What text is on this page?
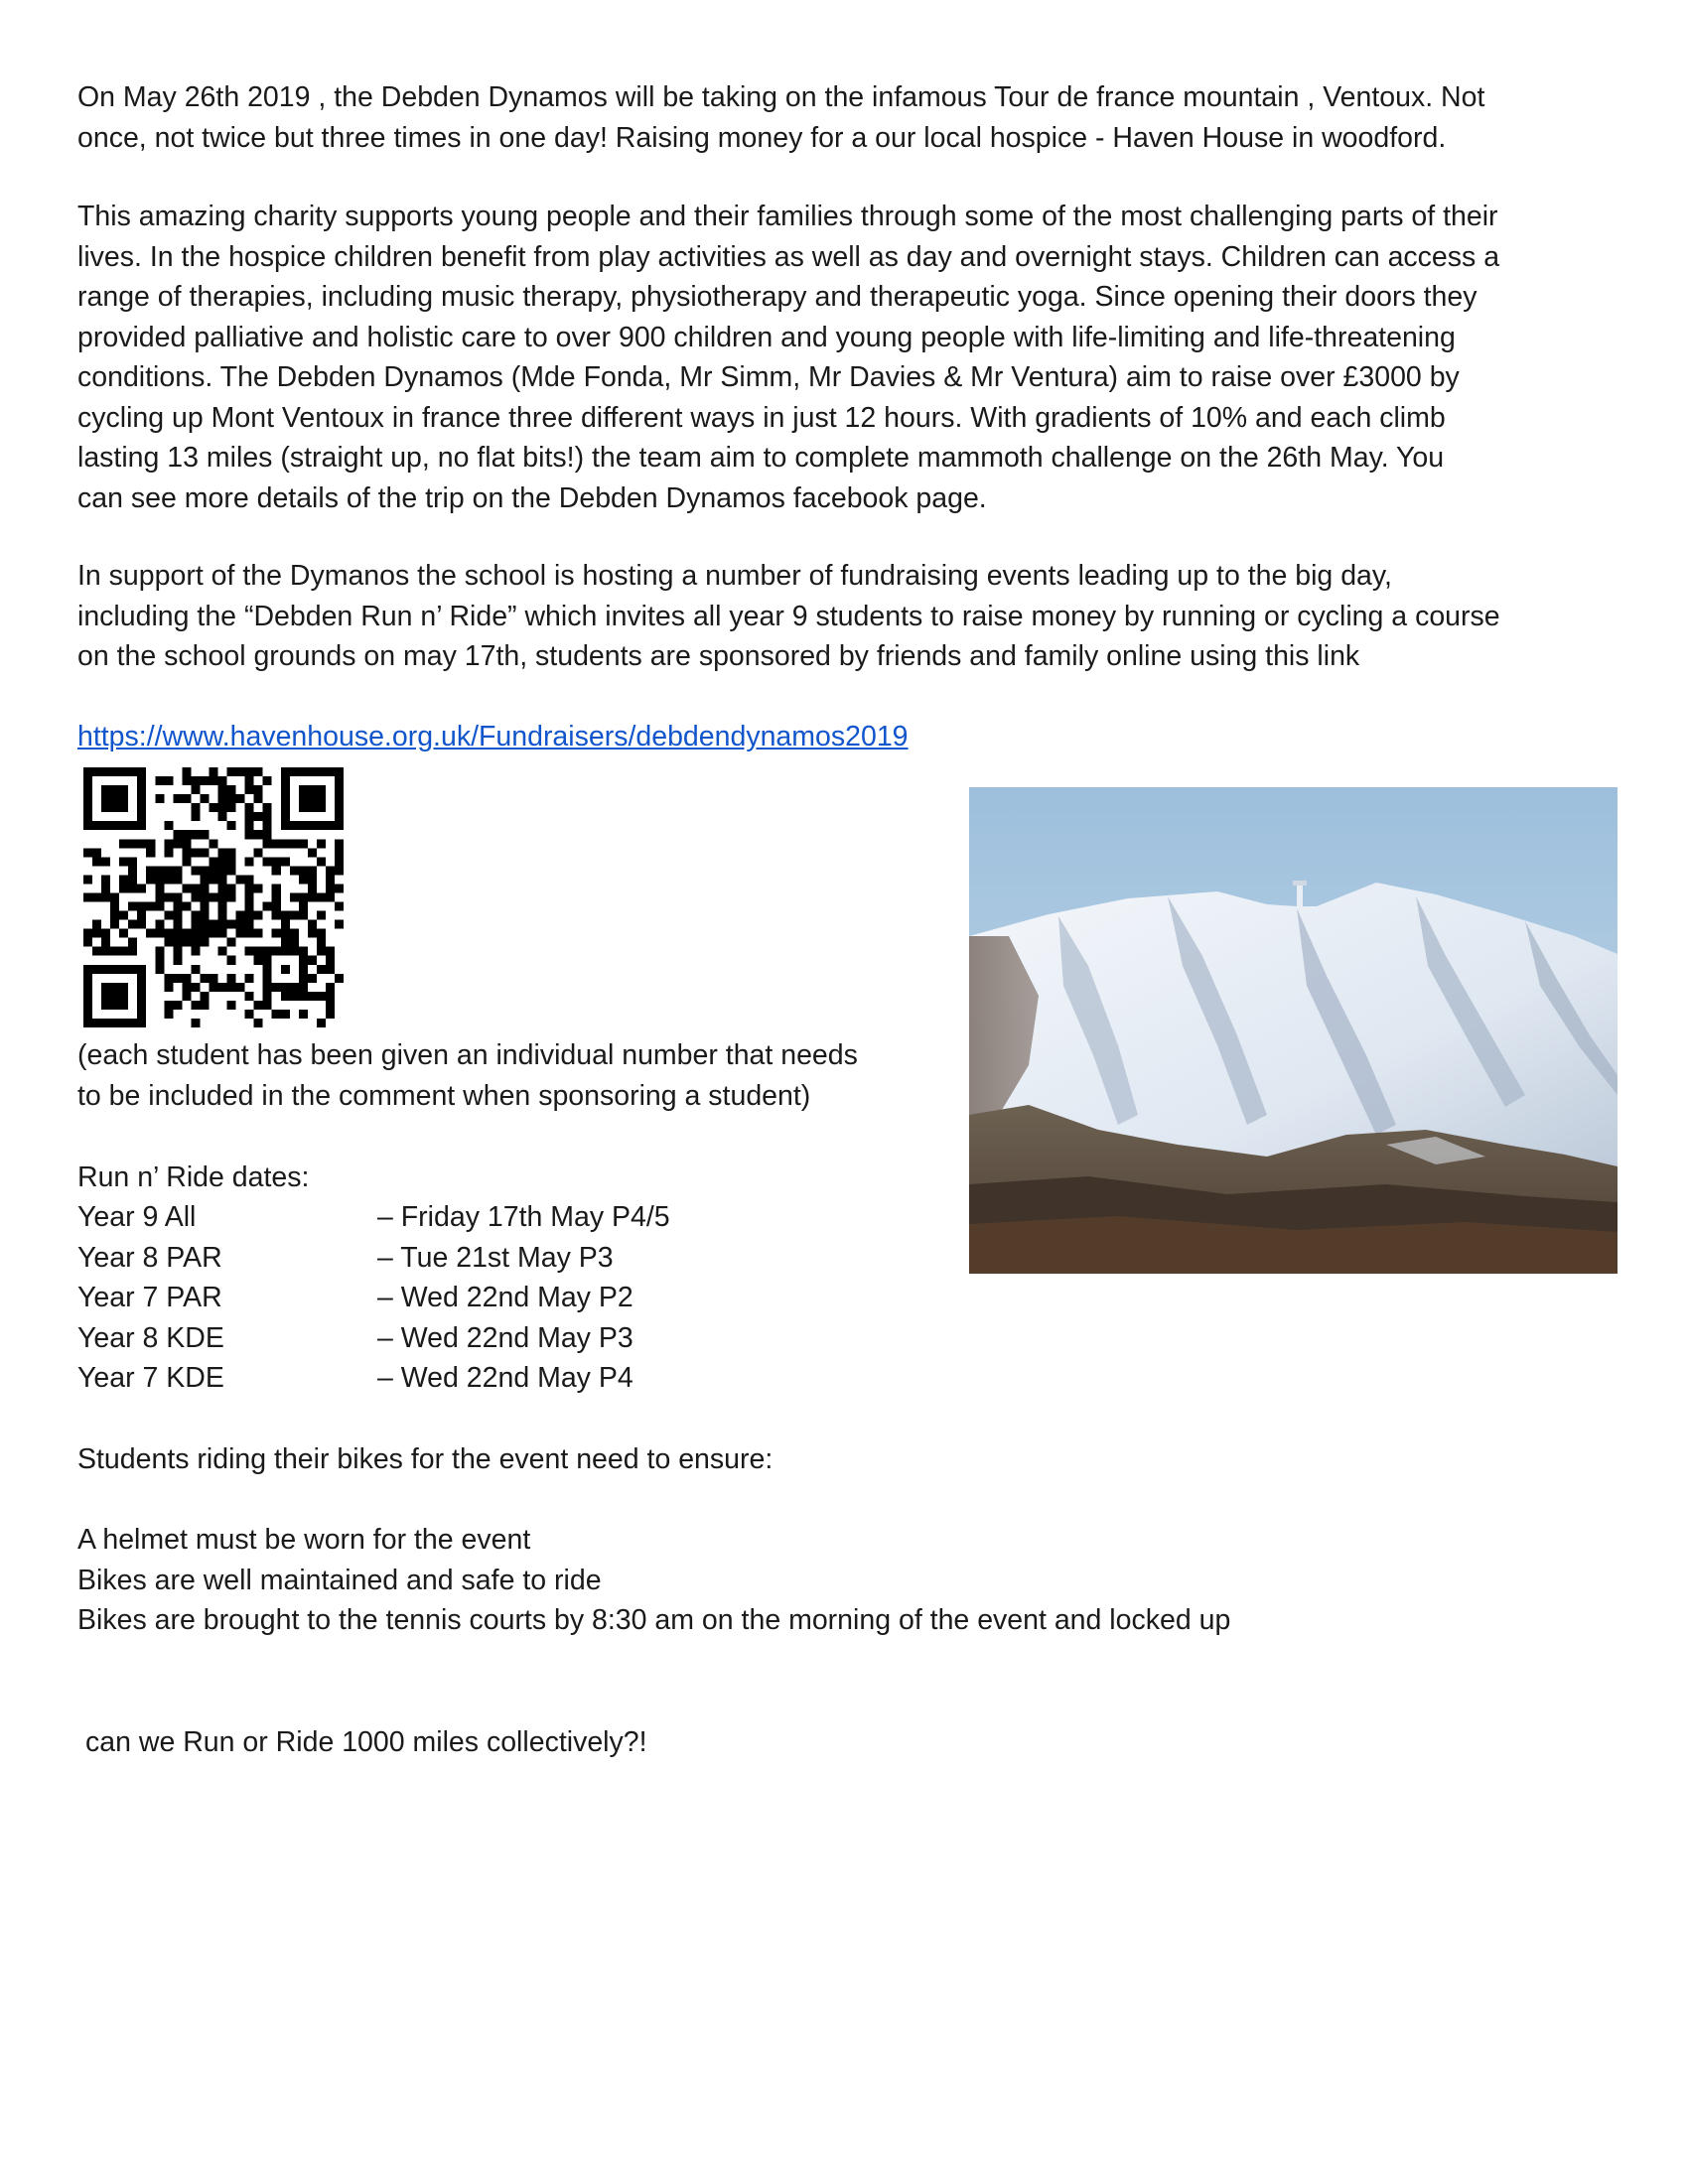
On May 26th 2019 , the Debden Dynamos will be taking on the infamous Tour de france mountain , Ventoux. Not
once, not twice but three times in one day! Raising money for a our local hospice - Haven House in woodford.

This amazing charity supports young people and their families through some of the most challenging parts of their
lives. In the hospice children benefit from play activities as well as day and overnight stays. Children can access a
range of therapies, including music therapy, physiotherapy and therapeutic yoga. Since opening their doors they
provided palliative and holistic care to over 900 children and young people with life-limiting and life-threatening
conditions. The Debden Dynamos (Mde Fonda, Mr Simm, Mr Davies & Mr Ventura) aim to raise over £3000 by
cycling up Mont Ventoux in france three different ways in just 12 hours. With gradients of 10% and each climb
lasting 13 miles (straight up, no flat bits!) the team aim to complete mammoth challenge on the 26th May. You
can see more details of the trip on the Debden Dynamos facebook page.

In support of the Dymanos the school is hosting a number of fundraising events leading up to the big day,
including the “Debden Run n’ Ride” which invites all year 9 students to raise money by running or cycling a course
on the school grounds on may 17th, students are sponsored by friends and family online using this link

https://www.havenhouse.org.uk/Fundraisers/debdendynamos2019

(each student has been given an individual number that needs
to be included in the comment when sponsoring a student)

Run n’ Ride dates:
Year 9 All	– Friday 17th May P4/5
Year 8 PAR	– Tue 21st May P3
Year 7 PAR	– Wed 22nd May P2
Year 8 KDE	– Wed 22nd May P3
Year 7 KDE	– Wed 22nd May P4
Students riding their bikes for the event need to ensure:
A helmet must be worn for the event
Bikes are well maintained and safe to ride
Bikes are brought to the tennis courts by 8:30 am on the morning of the event and locked up
can we Run or Ride 1000 miles collectively?!
